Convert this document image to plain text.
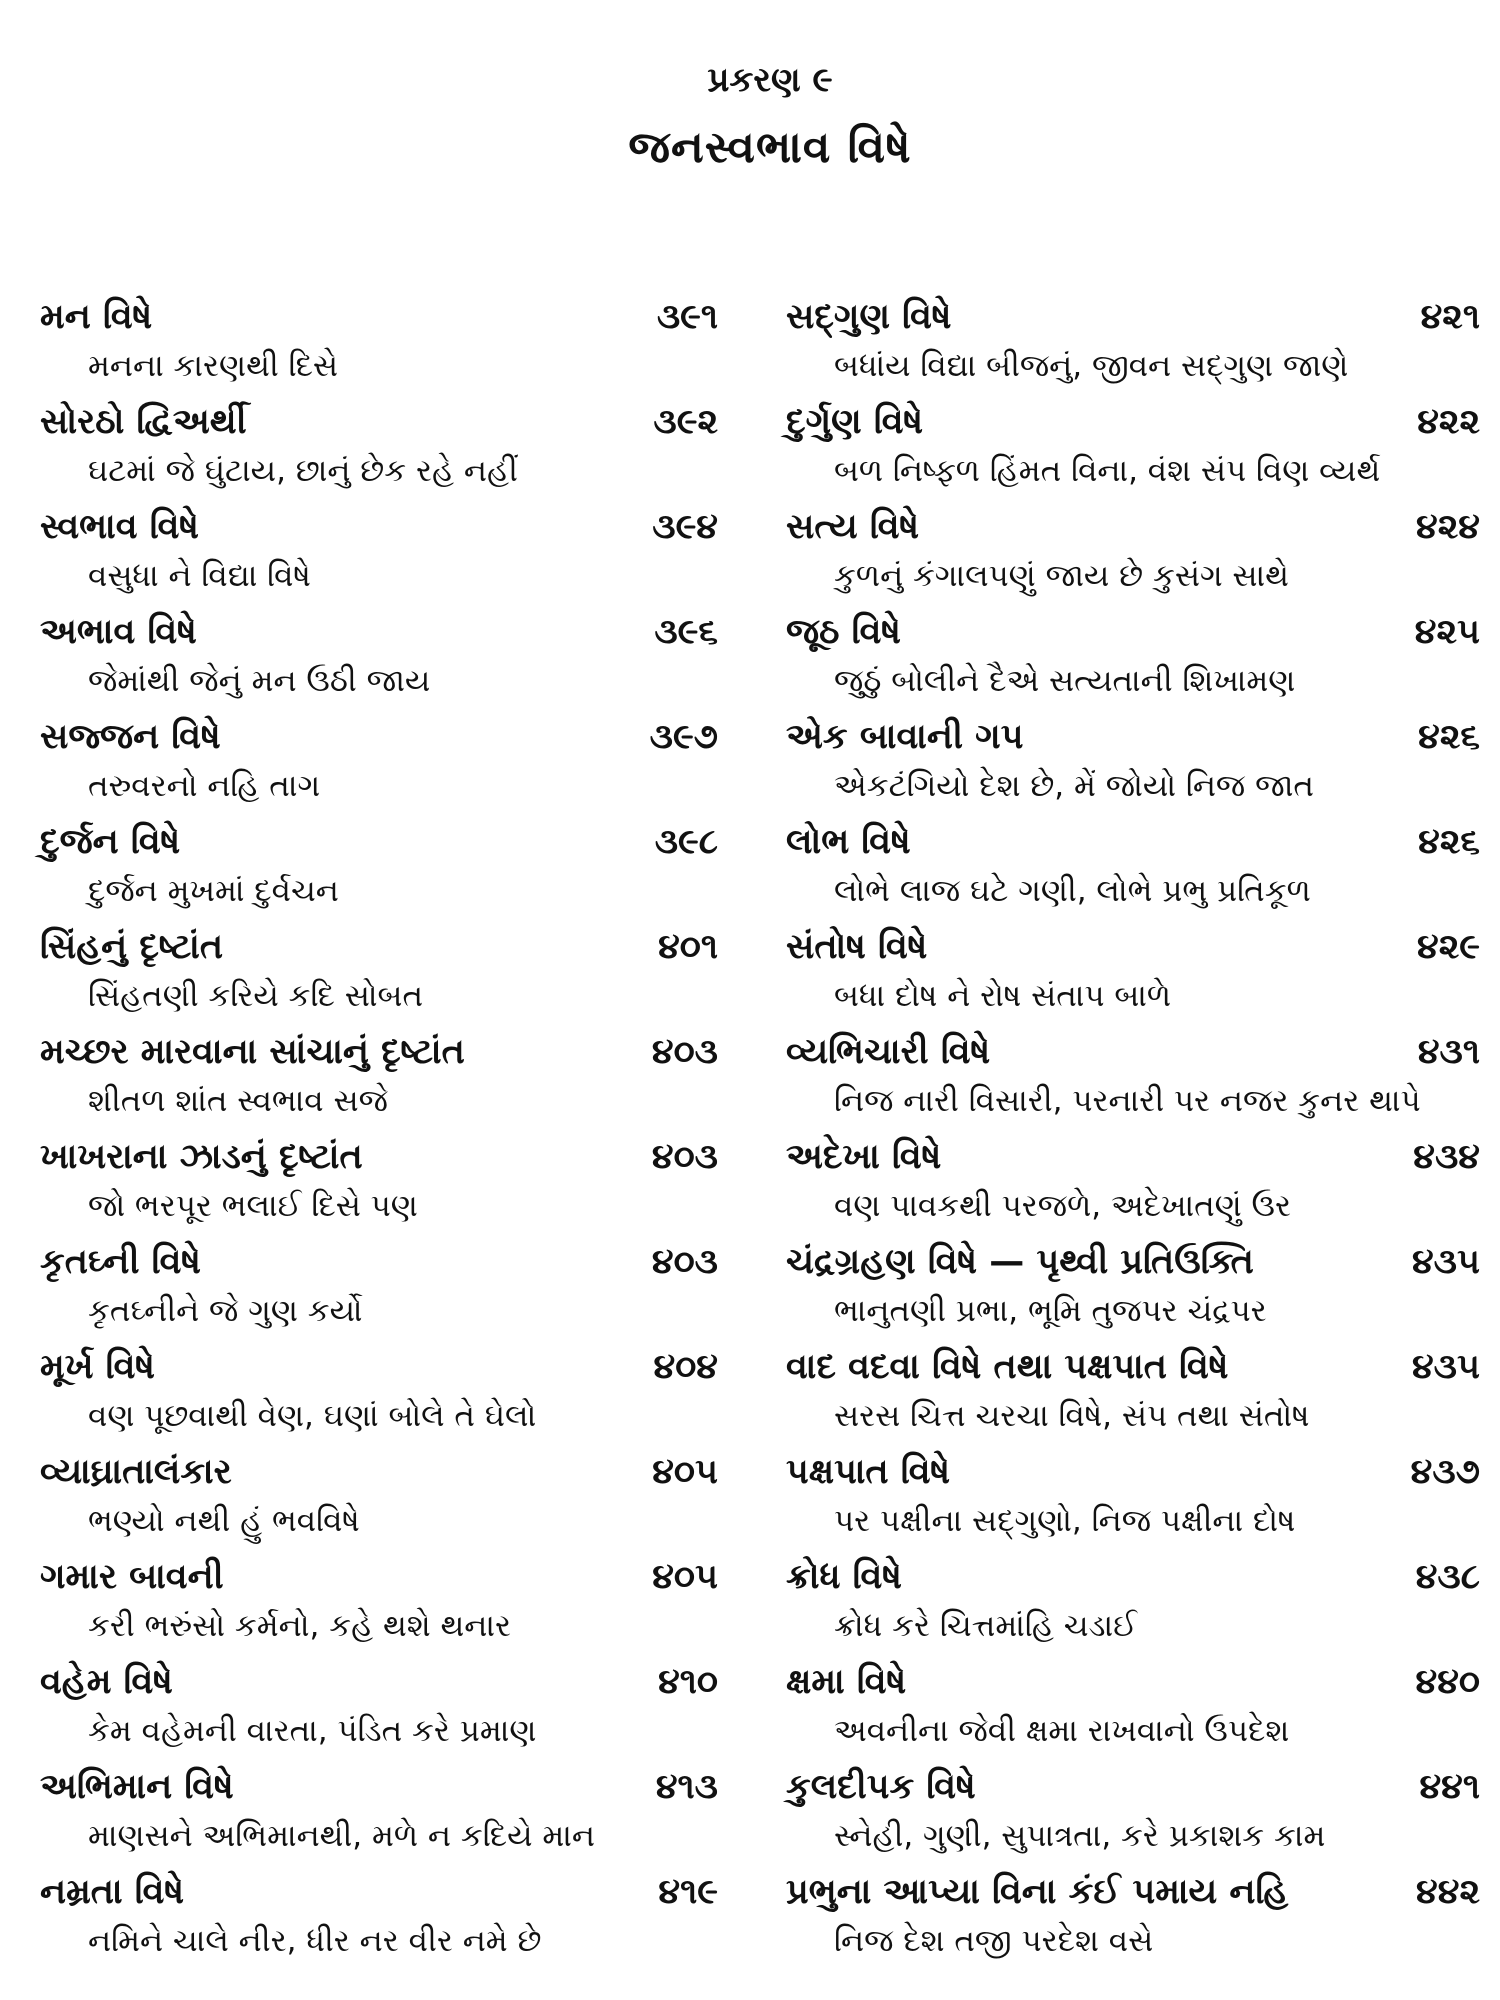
પ્રકરણ ૯
જનસ્વભાવ વિષે
મન વિષે	૩૯૧
મનના કારણથી દિસે
સોરઠો દ્વિઅર્થી	૩૯૨
ઘટમાં જે ઘુંટાય, છાનું છેક રહે નહીં
સ્વભાવ વિષે	૩૯૪
વસુધા ને વિદ્યા વિષે
અભાવ વિષે	૩૯૬
જેમાંથી જેનું મન ઉઠી જાય
સજ્જન વિષે	૩૯૭
તરુવરનો નહિ તાગ
દુર્જન વિષે	૩૯૮
દુર્જન મુખમાં દુર્વચન
સિંહનું દૃષ્ટાંત	૪૦૧
સિંહતણી કરિયે કદિ સોબત
મચ્છર મારવાના સાંચાનું દૃષ્ટાંત	૪૦૩
શીતળ શાંત સ્વભાવ સજે
ખાખરાના ઝાડનું દૃષ્ટાંત	૪૦૩
જો ભરપૂર ભલાઈ દિસે પણ
કૃતઘ્ની વિષે	૪૦૩
કૃતઘ્નીને જે ગુણ કર્યો
મૂર્ખ વિષે	૪૦૪
વણ પૂછવાથી વેણ, ઘણાં બોલે તે ઘેલો
વ્યાઘ્રાતાલંકાર	૪૦૫
ભણ્યો નથી હું ભવવિષે
ગમાર બાવની	૪૦૫
કરી ભરુંસો કર્મનો, કહે થશે થનાર
વહેમ વિષે	૪૧૦
કેમ વહેમની વારતા, પંડિત કરે પ્રમાણ
અભિમાન વિષે	૪૧૩
માણસને અભિમાનથી, મળે ન કદિયે માન
નમ્રતા વિષે	૪૧૯
નમિને ચાલે નીર, ધીર નર વીર નમે છે
સદ્‌ગુણ વિષે	૪૨૧
બધાંય વિદ્યા બીજનું, જીવન સદ્‌ગુણ જાણે
દુર્ગુણ વિષે	૪૨૨
બળ નિષ્ફળ હિંમત વિના, વંશ સંપ વિણ વ્યર્થ
સત્ય વિષે	૪૨૪
કુળનું કંગાલપણું જાય છે કુસંગ સાથે
જૂઠ વિષે	૪૨૫
જુઠું બોલીને દૈએ સત્યતાની શિખામણ
એક બાવાની ગપ	૪૨૬
એકટંગિયો દેશ છે, મેં જોયો નિજ જાત
લોભ વિષે	૪૨૬
લોભે લાજ ઘટે ગણી, લોભે પ્રભુ પ્રતિકૂળ
સંતોષ વિષે	૪૨૯
બધા દોષ ને રોષ સંતાપ બાળે
વ્યભિચારી વિષે	૪૩૧
નિજ નારી વિસારી, પરનારી પર નજર કુનર થાપે
અદેખા વિષે	૪૩૪
વણ પાવકથી પરજળે, અદેખાતણું ઉર
ચંદ્રગ્રહણ વિષે — પૃથ્વી પ્રતિઉક્તિ	૪૩૫
ભાનુતણી પ્રભા, ભૂમિ તુજપર ચંદ્રપર
વાદ વદવા વિષે તથા પક્ષપાત વિષે	૪૩૫
સરસ ચિત્ત ચરચા વિષે, સંપ તથા સંતોષ
પક્ષપાત વિષે	૪૩૭
પર પક્ષીના સદ્‌ગુણો, નિજ પક્ષીના દોષ
ક્રોધ વિષે	૪૩૮
ક્રોધ કરે ચિત્તમાંહિ ચડાઈ
ક્ષમા વિષે	૪૪૦
અવનીના જેવી ક્ષમા રાખવાનો ઉપદેશ
કુલદીપક વિષે	૪૪૧
સ્નેહી, ગુણી, સુપાત્રતા, કરે પ્રકાશક કામ
પ્રભુના આપ્યા વિના કંઈ પમાય નહિ	૪૪૨
નિજ દેશ તજી પરદેશ વસે
